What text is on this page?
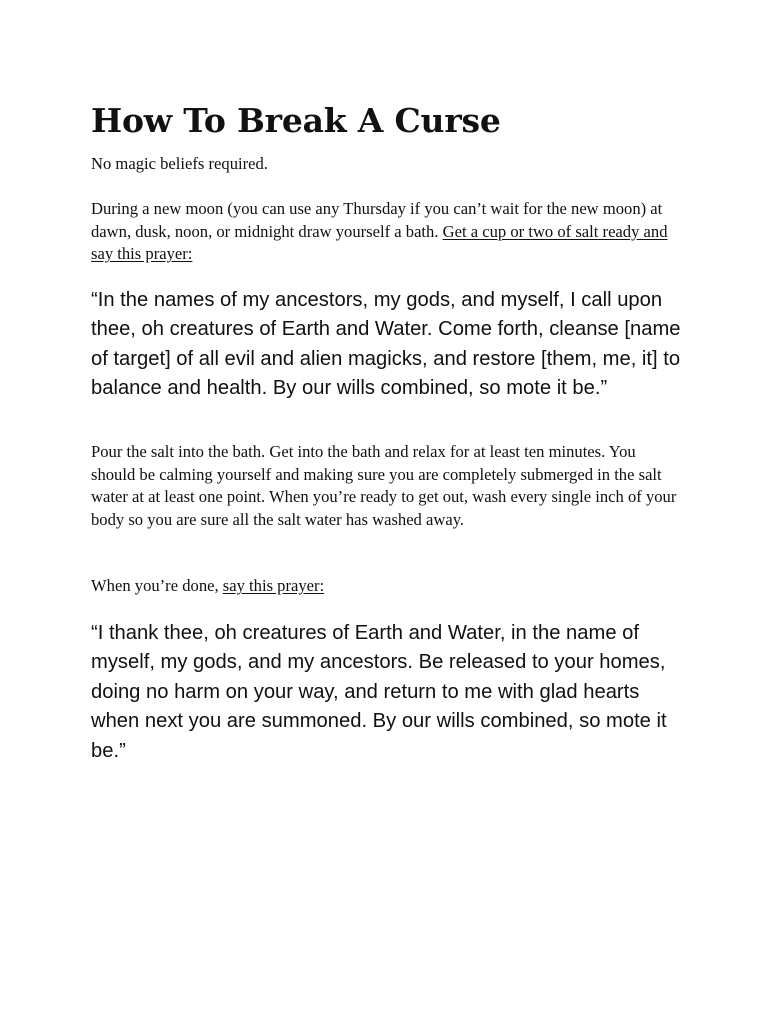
How To Break A Curse

No magic beliefs required.

During a new moon (you can use any Thursday if you can’t wait for the new moon) at dawn, dusk, noon, or midnight draw yourself a bath. Get a cup or two of salt ready and say this prayer:

“In the names of my ancestors, my gods, and myself, I call upon thee, oh creatures of Earth and Water. Come forth, cleanse [name of target] of all evil and alien magicks, and restore [them, me, it] to balance and health. By our wills combined, so mote it be.”

Pour the salt into the bath. Get into the bath and relax for at least ten minutes. You should be calming yourself and making sure you are completely submerged in the salt water at at least one point. When you’re ready to get out, wash every single inch of your body so you are sure all the salt water has washed away.

When you’re done, say this prayer:

“I thank thee, oh creatures of Earth and Water, in the name of myself, my gods, and my ancestors. Be released to your homes, doing no harm on your way, and return to me with glad hearts when next you are summoned. By our wills combined, so mote it be.”
